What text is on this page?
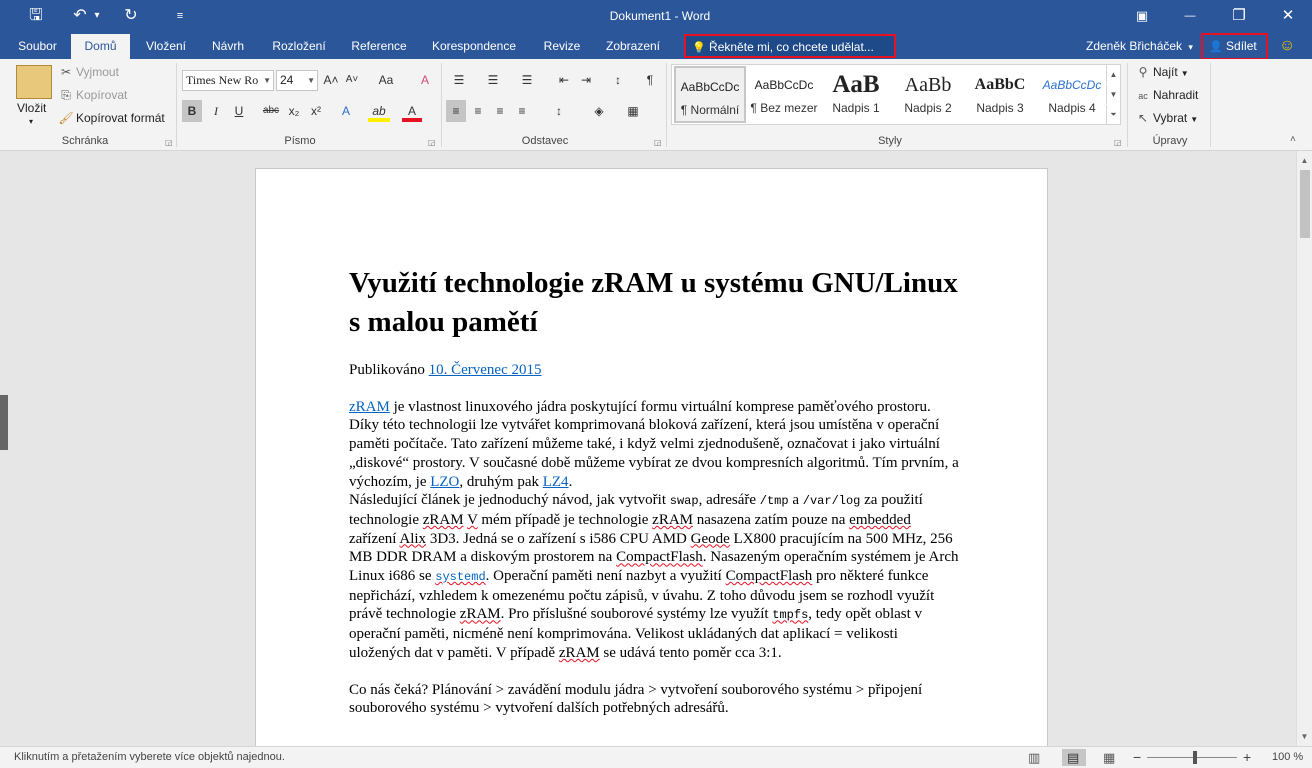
🖫	↶ ▾	↻	≡	Dokument1 - Word	▣	—	❐	✕
Soubor	Domů	Vložení	Návrh	Rozložení	Reference	Korespondence	Revize	Zobrazení	Zdeněk Břicháček ▾
💡 Řekněte mi, co chcete udělat...	👤 Sdílet	☺
Vložit
▾
✂ Vyjmout
⎘ Kopírovat
🖌 Kopírovat formát
Schránka	◲
Times New Ro ▼ 24 ▼ A˄ A˅	Aa	A
B	I	U	abc x₂ x²	A	ab	A
Písmo	◲
☰	☰	☰	⇤ ⇥	↕	¶
≡	≡	≡	≡	↕	◈	▦
Odstavec	◲
AaBbCcDc
¶ Normální
AaBbCcDc
¶ Bez mezer
AaB
Nadpis 1
AaBb
Nadpis 2
AaBbC
Nadpis 3
AaBbCcDc
Nadpis 4
▲
▼
⏷
Styly	◲
⚲ Najít ▼
ac Nahradit
↖ Vybrat ▼
Úpravy	˄
Využití technologie zRAM u systému GNU/Linux s malou pamětí

Publikováno 10. Červenec 2015

zRAM je vlastnost linuxového jádra poskytující formu virtuální komprese paměťového prostoru. Díky této technologii lze vytvářet komprimovaná bloková zařízení, která jsou umístěna v operační paměti počítače. Tato zařízení můžeme také, i když velmi zjednodušeně, označovat i jako virtuální „diskové“ prostory. V současné době můžeme vybírat ze dvou kompresních algoritmů. Tím prvním, a výchozím, je LZO, druhým pak LZ4.

Následující článek je jednoduchý návod, jak vytvořit swap, adresáře /tmp a /var/log za použití technologie zRAM V mém případě je technologie zRAM nasazena zatím pouze na embedded zařízení Alix 3D3. Jedná se o zařízení s i586 CPU AMD Geode LX800 pracujícím na 500 MHz, 256 MB DDR DRAM a diskovým prostorem na CompactFlash. Nasazeným operačním systémem je Arch Linux i686 se systemd. Operační paměti není nazbyt a využití CompactFlash pro některé funkce nepřichází, vzhledem k omezenému počtu zápisů, v úvahu. Z toho důvodu jsem se rozhodl využít právě technologie zRAM. Pro příslušné souborové systémy lze využít tmpfs, tedy opět oblast v operační paměti, nicméně není komprimována. Velikost ukládaných dat aplikací = velikosti uložených dat v paměti. V případě zRAM se udává tento poměr cca 3:1.

Co nás čeká? Plánování > zavádění modulu jádra > vytvoření souborového systému > připojení souborového systému > vytvoření dalších potřebných adresářů.

▲
▼
Kliknutím a přetažením vyberete více objektů najednou.	▥ ▤ ▦ −	+ 100 %
